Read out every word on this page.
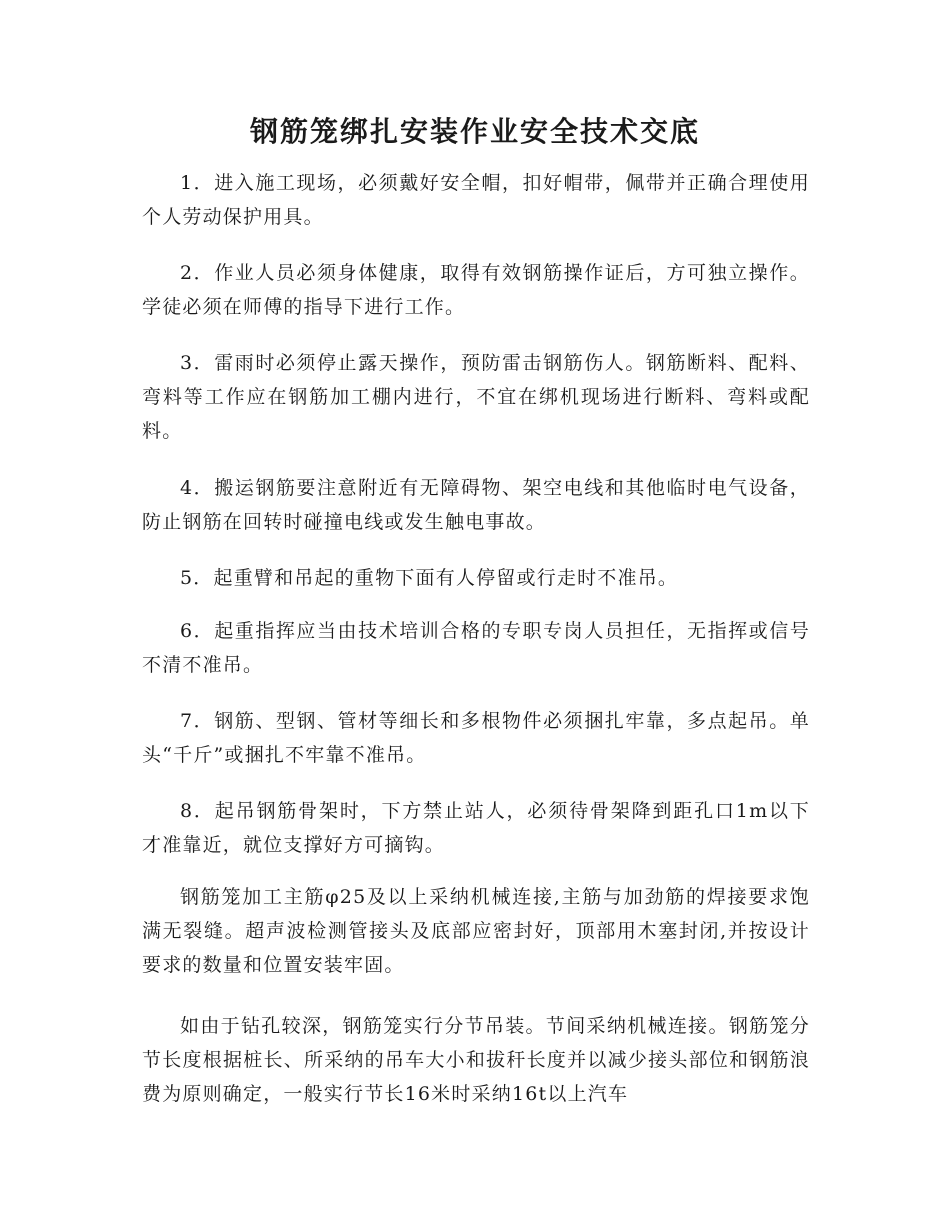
钢筋笼绑扎安装作业安全技术交底

1．进入施工现场，必须戴好安全帽，扣好帽带，佩带并正确合理使用个人劳动保护用具。

2．作业人员必须身体健康，取得有效钢筋操作证后，方可独立操作。学徒必须在师傅的指导下进行工作。

3．雷雨时必须停止露天操作，预防雷击钢筋伤人。钢筋断料、配料、弯料等工作应在钢筋加工棚内进行，不宜在绑机现场进行断料、弯料或配料。

4．搬运钢筋要注意附近有无障碍物、架空电线和其他临时电气设备，防止钢筋在回转时碰撞电线或发生触电事故。

5．起重臂和吊起的重物下面有人停留或行走时不准吊。

6．起重指挥应当由技术培训合格的专职专岗人员担任，无指挥或信号不清不准吊。

7．钢筋、型钢、管材等细长和多根物件必须捆扎牢靠，多点起吊。单头“千斤”或捆扎不牢靠不准吊。

8．起吊钢筋骨架时，下方禁止站人，必须待骨架降到距孔口1m以下才准靠近，就位支撑好方可摘钩。

钢筋笼加工主筋φ25及以上采纳机械连接,主筋与加劲筋的焊接要求饱满无裂缝。超声波检测管接头及底部应密封好，顶部用木塞封闭,并按设计要求的数量和位置安装牢固。

如由于钻孔较深，钢筋笼实行分节吊装。节间采纳机械连接。钢筋笼分节长度根据桩长、所采纳的吊车大小和拔秆长度并以减少接头部位和钢筋浪费为原则确定，一般实行节长16米时采纳16t以上汽车
